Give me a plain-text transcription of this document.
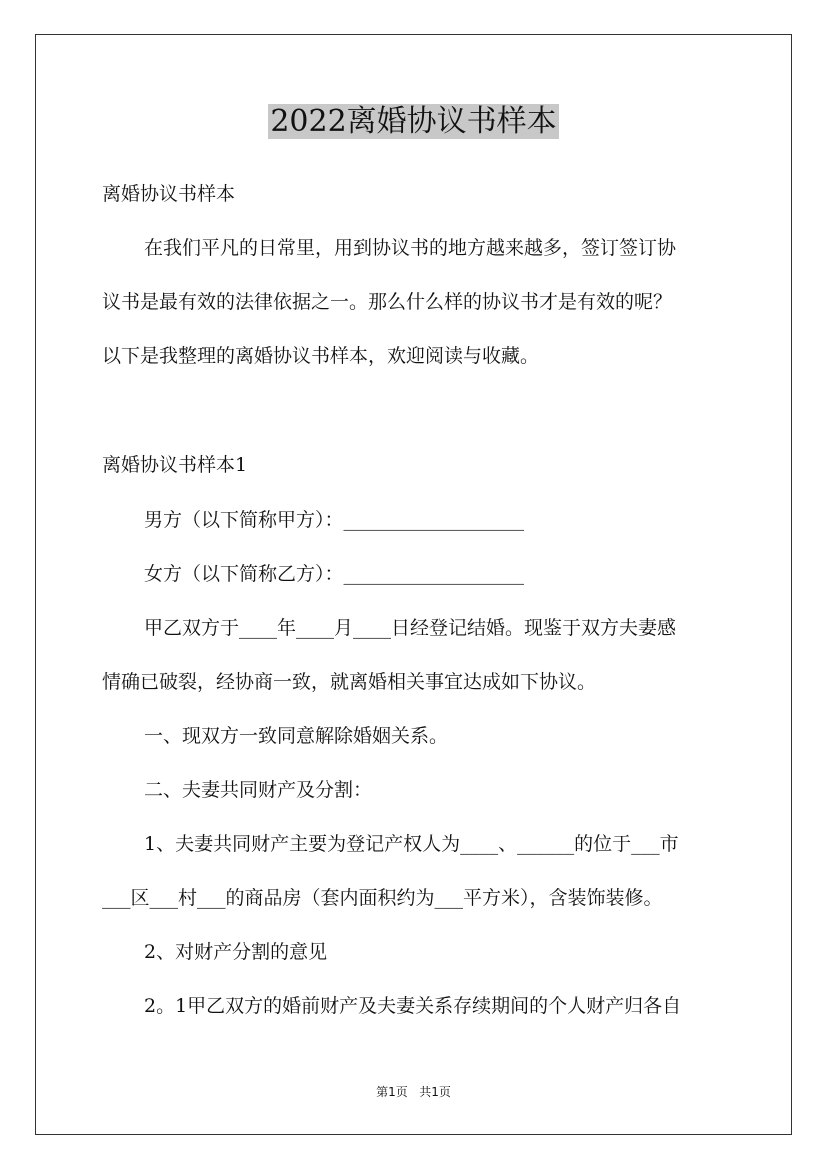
2022离婚协议书样本
离婚协议书样本
在我们平凡的日常里，用到协议书的地方越来越多，签订签订协
议书是最有效的法律依据之一。那么什么样的协议书才是有效的呢？
以下是我整理的离婚协议书样本，欢迎阅读与收藏。
离婚协议书样本1
男方（以下简称甲方）：___________________
女方（以下简称乙方）：___________________
甲乙双方于____年____月____日经登记结婚。现鉴于双方夫妻感
情确已破裂，经协商一致，就离婚相关事宜达成如下协议。
一、现双方一致同意解除婚姻关系。
二、夫妻共同财产及分割：
1、夫妻共同财产主要为登记产权人为____、______的位于___市
___区___村___的商品房（套内面积约为___平方米），含装饰装修。
2、对财产分割的意见
2。1甲乙双方的婚前财产及夫妻关系存续期间的个人财产归各自
第1页 共1页
